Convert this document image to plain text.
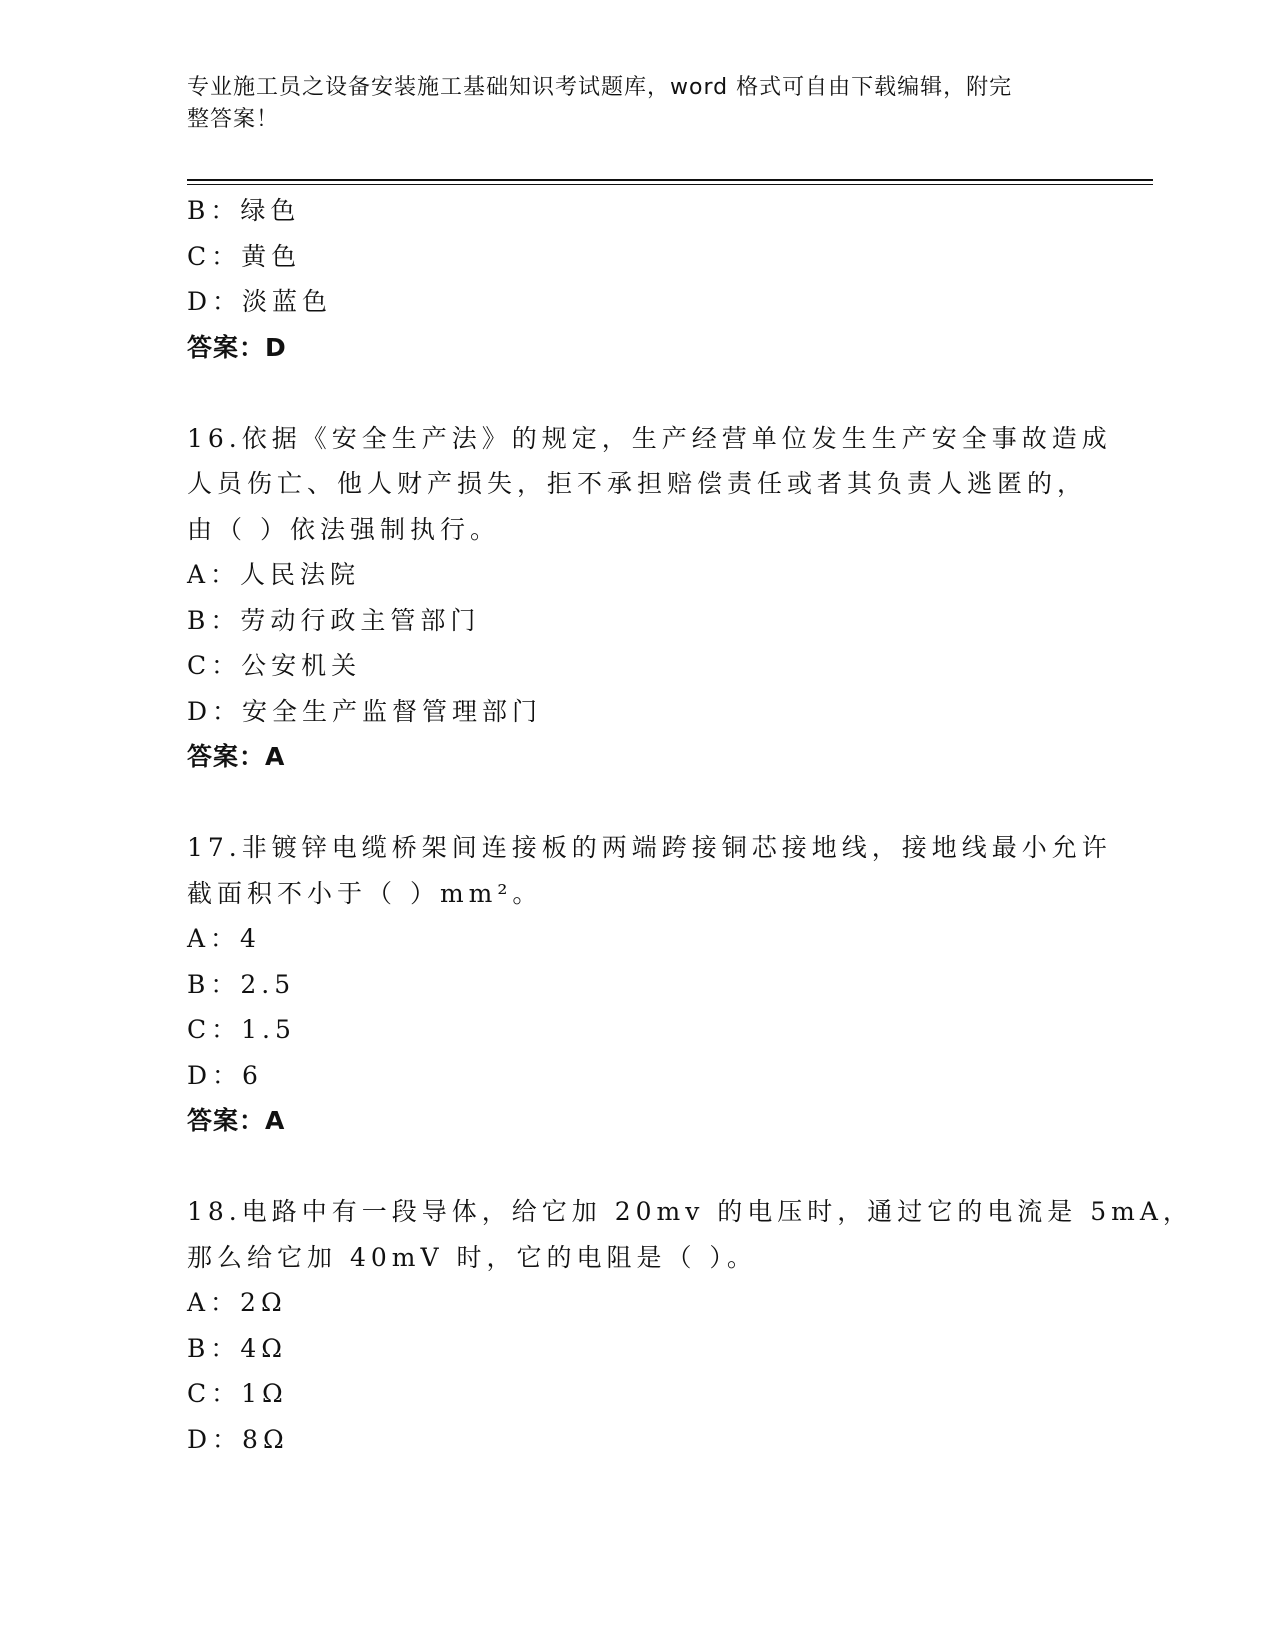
专业施工员之设备安装施工基础知识考试题库，word 格式可自由下载编辑，附完
整答案！
B：绿色
C：黄色
D：淡蓝色
答案：D
16.依据《安全生产法》的规定，生产经营单位发生生产安全事故造成
人员伤亡、他人财产损失，拒不承担赔偿责任或者其负责人逃匿的，
由（ ）依法强制执行。
A：人民法院
B：劳动行政主管部门
C：公安机关
D：安全生产监督管理部门
答案：A
17.非镀锌电缆桥架间连接板的两端跨接铜芯接地线，接地线最小允许
截面积不小于（ ）mm²。
A：4
B：2.5
C：1.5
D：6
答案：A
18.电路中有一段导体，给它加 20mv 的电压时，通过它的电流是 5mA，
那么给它加 40mV 时，它的电阻是（ ）。
A：2Ω
B：4Ω
C：1Ω
D：8Ω
